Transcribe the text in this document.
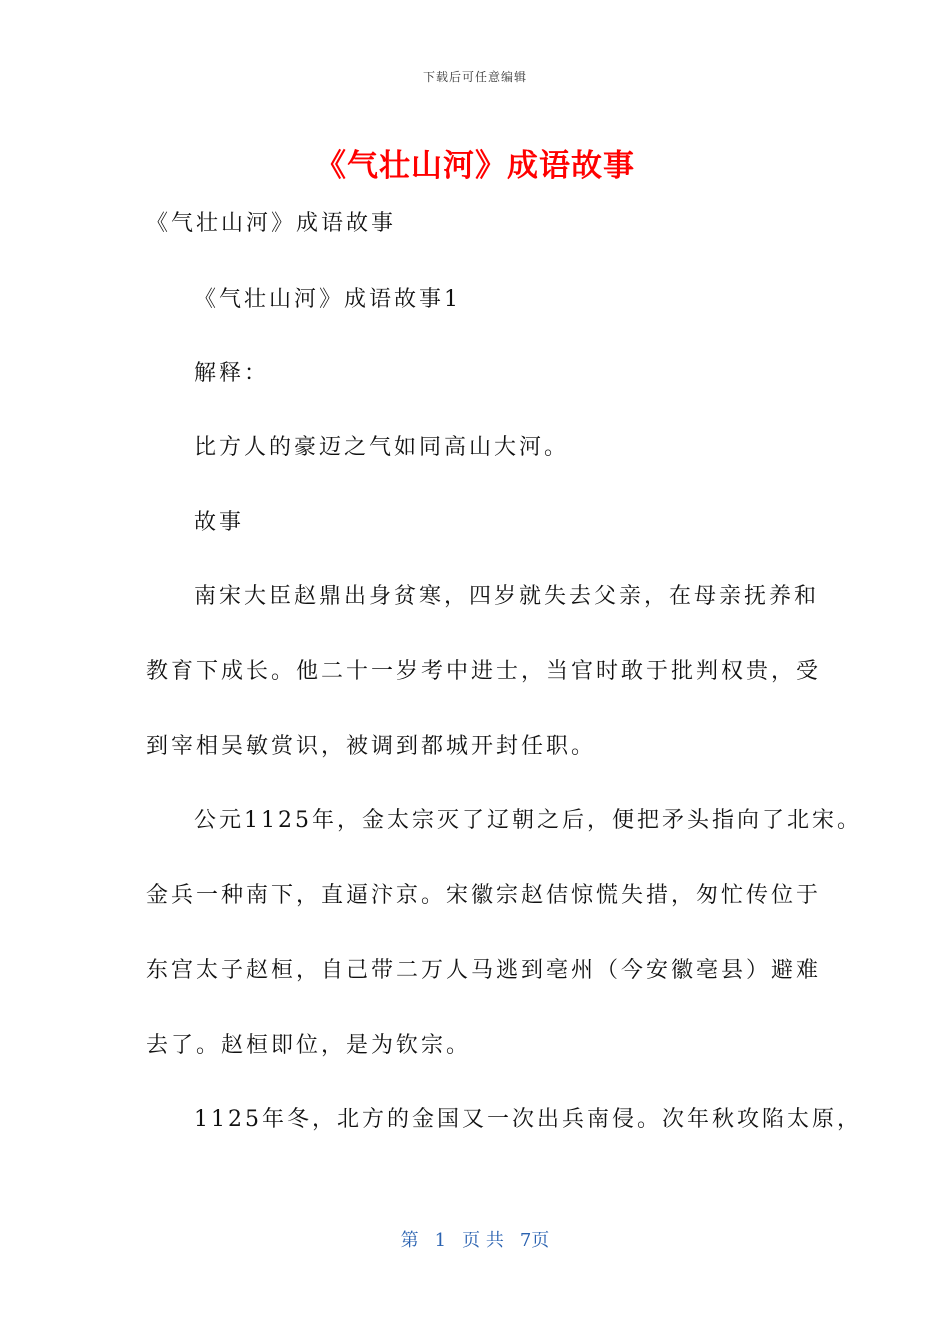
下载后可任意编辑
《气壮山河》成语故事
《气壮山河》成语故事
《气壮山河》成语故事1
解释：
比方人的豪迈之气如同高山大河。
故事
南宋大臣赵鼎出身贫寒，四岁就失去父亲，在母亲抚养和
教育下成长。他二十一岁考中进士，当官时敢于批判权贵，受
到宰相吴敏赏识，被调到都城开封任职。
公元1125年，金太宗灭了辽朝之后，便把矛头指向了北宋。
金兵一种南下，直逼汴京。宋徽宗赵佶惊慌失措，匆忙传位于
东宫太子赵桓，自己带二万人马逃到亳州（今安徽亳县）避难
去了。赵桓即位，是为钦宗。
1125年冬，北方的金国又一次出兵南侵。次年秋攻陷太原，
第 1 页 共 7页
